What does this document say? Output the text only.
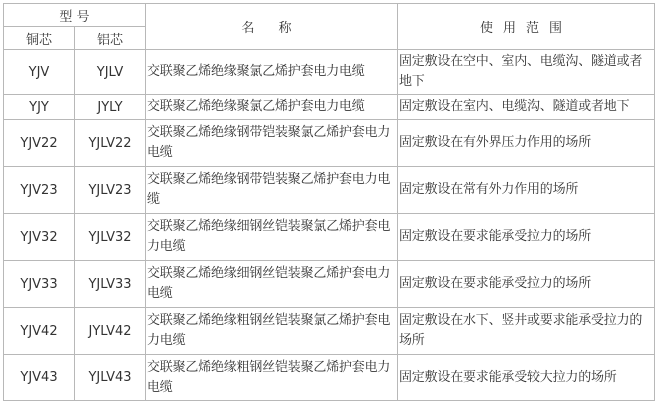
型 号		名 称	使用范围
铜芯	铝芯		
YJV	YJLV	交联聚乙烯绝缘聚氯乙烯护套电力电缆	固定敷设在空中、室内、电缆沟、隧道或者地下
YJY	JYLY	交联聚乙烯绝缘聚氯乙烯护套电力电缆	固定敷设在室内、电缆沟、隧道或者地下
YJV22	YJLV22	交联聚乙烯绝缘钢带铠装聚氯乙烯护套电力电缆	固定敷设在有外界压力作用的场所
YJV23	YJLV23	交联聚乙烯绝缘钢带铠装聚乙烯护套电力电缆	固定敷设在常有外力作用的场所
YJV32	YJLV32	交联聚乙烯绝缘细钢丝铠装聚氯乙烯护套电力电缆	固定敷设在要求能承受拉力的场所
YJV33	YJLV33	交联聚乙烯绝缘细钢丝铠装聚乙烯护套电力电缆	固定敷设在要求能承受拉力的场所
YJV42	JYLV42	交联聚乙烯绝缘粗钢丝铠装聚氯乙烯护套电力电缆	固定敷设在水下、竖井或要求能承受拉力的场所
YJV43	YJLV43	交联聚乙烯绝缘粗钢丝铠装聚乙烯护套电力电缆	固定敷设在要求能承受较大拉力的场所
